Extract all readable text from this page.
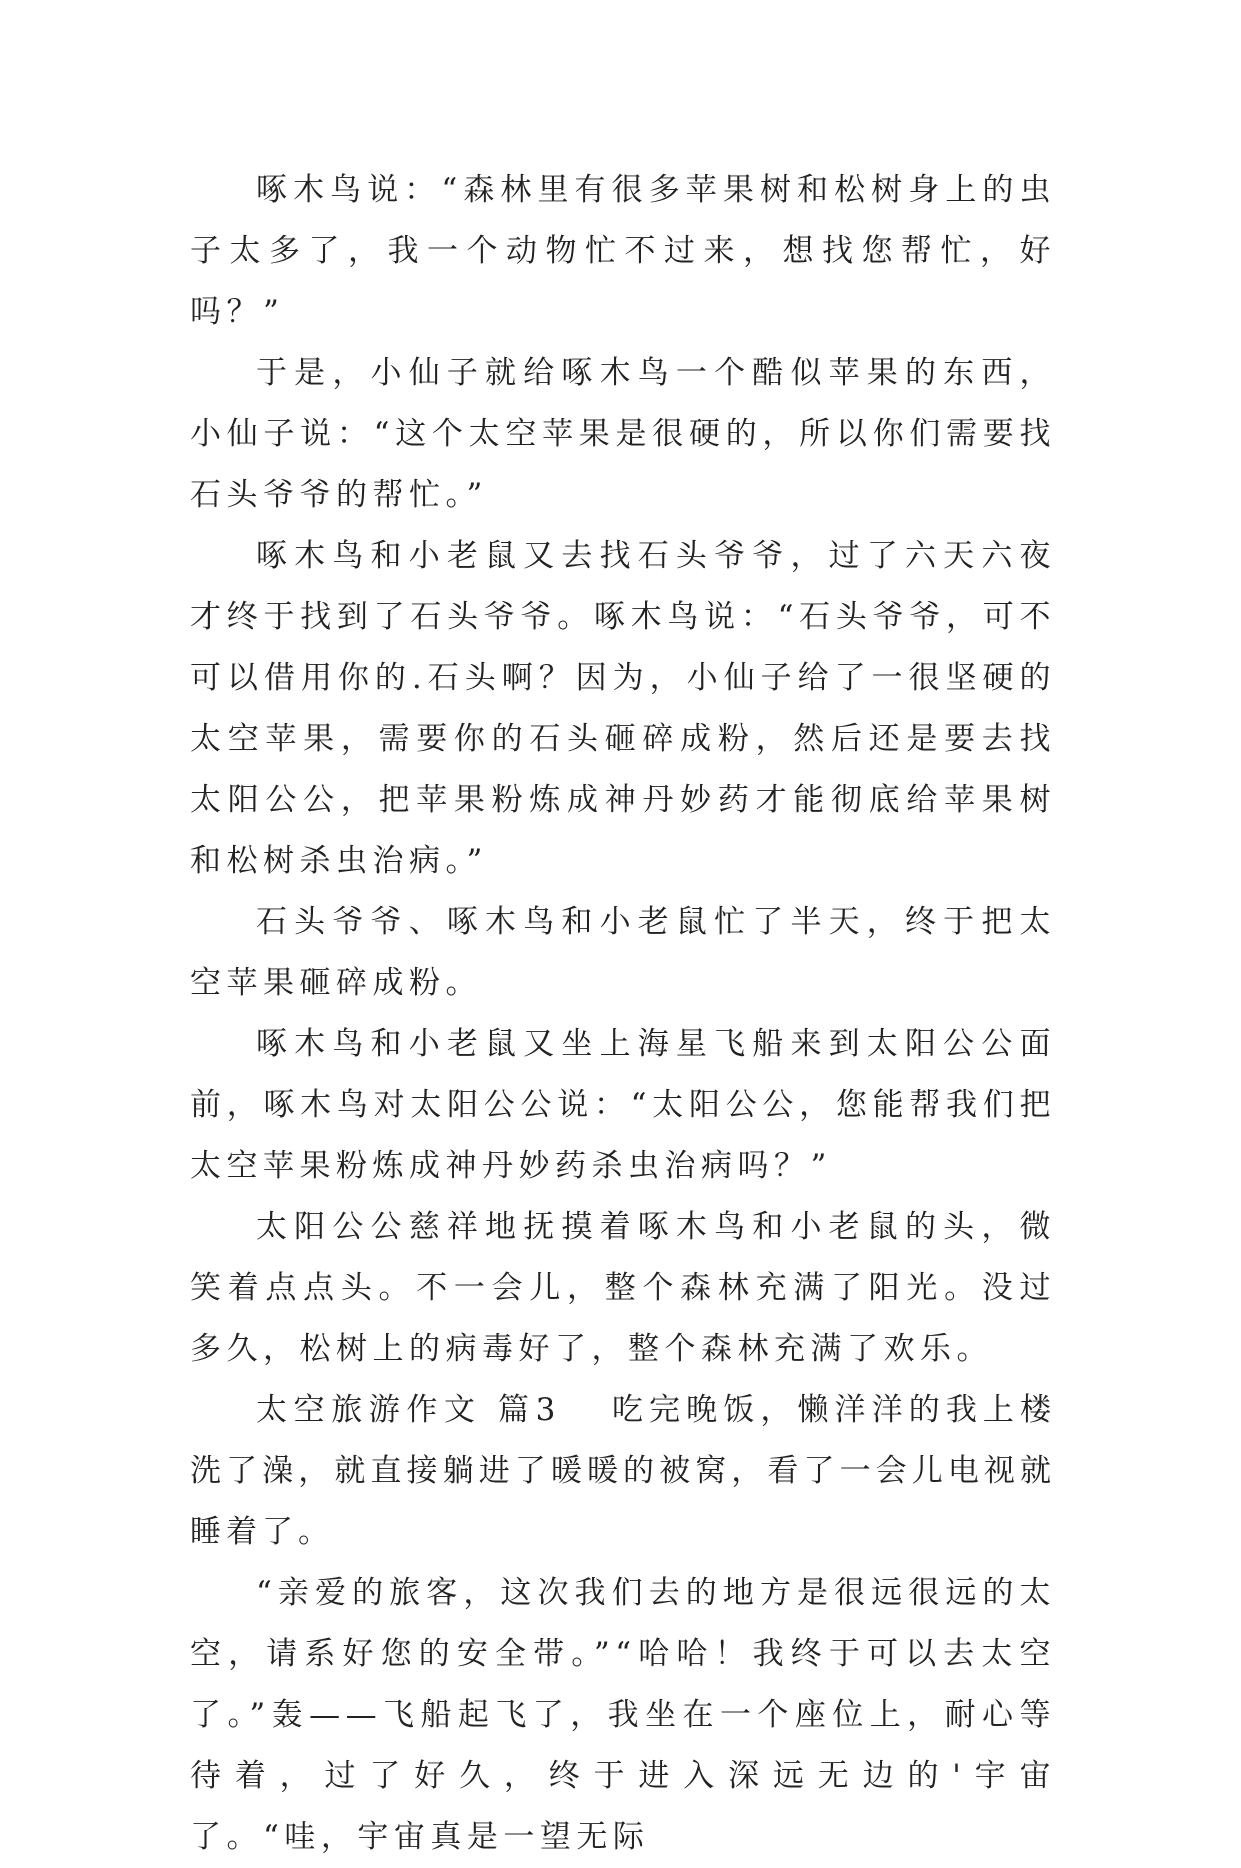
啄木鸟说：“森林里有很多苹果树和松树身上的虫子太多了，我一个动物忙不过来，想找您帮忙，好吗？”

于是，小仙子就给啄木鸟一个酷似苹果的东西，小仙子说：“这个太空苹果是很硬的，所以你们需要找石头爷爷的帮忙。”

啄木鸟和小老鼠又去找石头爷爷，过了六天六夜才终于找到了石头爷爷。啄木鸟说：“石头爷爷，可不可以借用你的.石头啊？因为，小仙子给了一很坚硬的太空苹果，需要你的石头砸碎成粉，然后还是要去找太阳公公，把苹果粉炼成神丹妙药才能彻底给苹果树和松树杀虫治病。”

石头爷爷、啄木鸟和小老鼠忙了半天，终于把太空苹果砸碎成粉。

啄木鸟和小老鼠又坐上海星飞船来到太阳公公面前，啄木鸟对太阳公公说：“太阳公公，您能帮我们把太空苹果粉炼成神丹妙药杀虫治病吗？”

太阳公公慈祥地抚摸着啄木鸟和小老鼠的头，微笑着点点头。不一会儿，整个森林充满了阳光。没过多久，松树上的病毒好了，整个森林充满了欢乐。

太空旅游作文 篇3 吃完晚饭，懒洋洋的我上楼洗了澡，就直接躺进了暖暖的被窝，看了一会儿电视就睡着了。

“亲爱的旅客，这次我们去的地方是很远很远的太空，请系好您的安全带。”“哈哈！我终于可以去太空了。”轰——飞船起飞了，我坐在一个座位上，耐心等待着，过了好久，终于进入深远无边的'宇宙了。“哇，宇宙真是一望无际
